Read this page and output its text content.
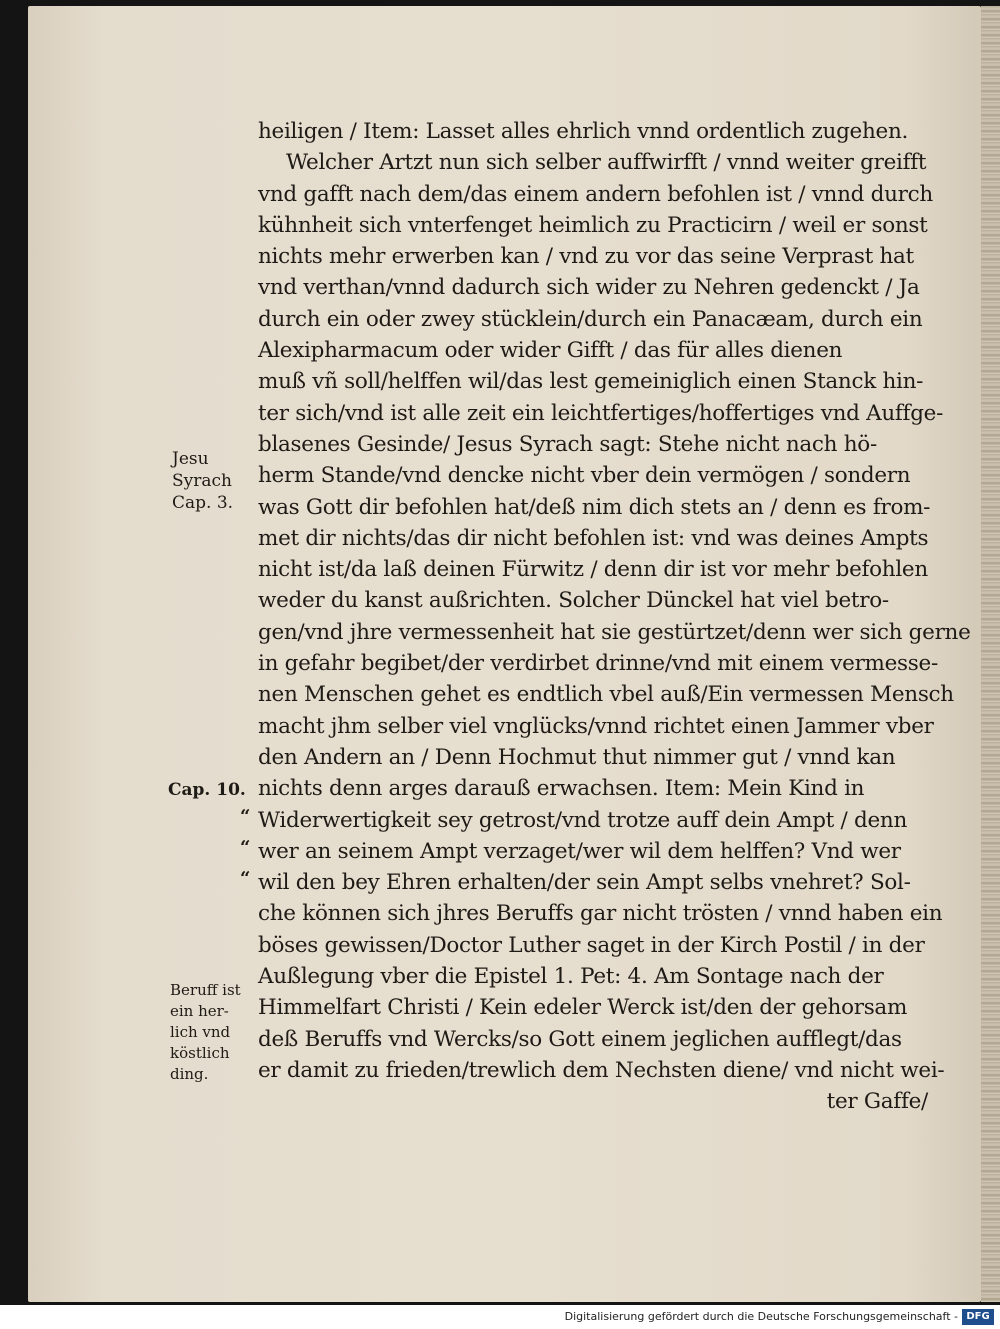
heiligen / Item: Lasset alles ehrlich vnnd ordentlich zugehen.
Welcher Artzt nun sich selber auffwirfft / vnnd weiter greifft
vnd gafft nach dem/das einem andern befohlen ist / vnnd durch
kühnheit sich vnterfenget heimlich zu Practicirn / weil er sonst
nichts mehr erwerben kan / vnd zu vor das seine Verprast hat
vnd verthan/vnnd dadurch sich wider zu Nehren gedenckt / Ja
durch ein oder zwey stücklein/durch ein Panacæam, durch ein
Alexipharmacum oder wider Gifft / das für alles dienen
muß vñ soll/helffen wil/das lest gemeiniglich einen Stanck hin-
ter sich/vnd ist alle zeit ein leichtfertiges/hoffertiges vnd Auffge-
blasenes Gesinde/ Jesus Syrach sagt: Stehe nicht nach hö-
herm Stande/vnd dencke nicht vber dein vermögen / sondern
was Gott dir befohlen hat/deß nim dich stets an / denn es from-
met dir nichts/das dir nicht befohlen ist: vnd was deines Ampts
nicht ist/da laß deinen Fürwitz / denn dir ist vor mehr befohlen
weder du kanst außrichten. Solcher Dünckel hat viel betro-
gen/vnd jhre vermessenheit hat sie gestürtzet/denn wer sich gerne
in gefahr begibet/der verdirbet drinne/vnd mit einem vermesse-
nen Menschen gehet es endtlich vbel auß/Ein vermessen Mensch
macht jhm selber viel vnglücks/vnnd richtet einen Jammer vber
den Andern an / Denn Hochmut thut nimmer gut / vnnd kan
nichts denn arges darauß erwachsen. Item: Mein Kind in
Widerwertigkeit sey getrost/vnd trotze auff dein Ampt / denn
wer an seinem Ampt verzaget/wer wil dem helffen? Vnd wer
wil den bey Ehren erhalten/der sein Ampt selbs vnehret? Sol-
che können sich jhres Beruffs gar nicht trösten / vnnd haben ein
böses gewissen/Doctor Luther saget in der Kirch Postil / in der
Außlegung vber die Epistel 1. Pet: 4. Am Sontage nach der
Himmelfart Christi / Kein edeler Werck ist/den der gehorsam
deß Beruffs vnd Wercks/so Gott einem jeglichen aufflegt/das
er damit zu frieden/trewlich dem Nechsten diene/ vnd nicht wei-
ter Gaffe/
Jesu
Syrach
Cap. 3.
Cap. 10.
“
“
“
Beruff ist
ein her-
lich vnd
köstlich
ding.
Digitalisierung gefördert durch die Deutsche Forschungsgemeinschaft - DFG
